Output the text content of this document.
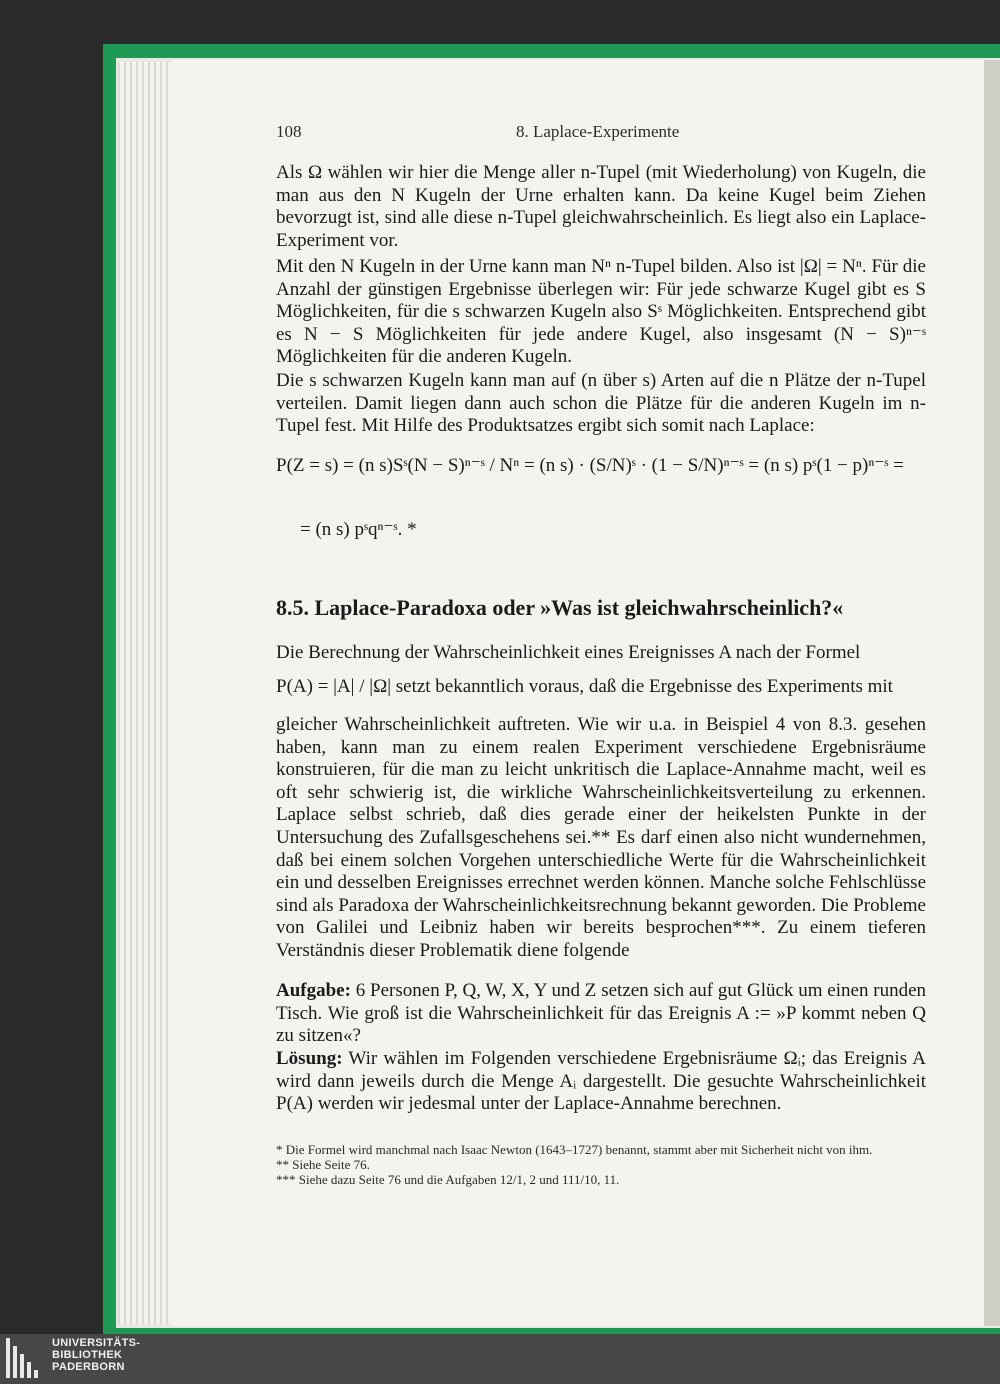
108	8. Laplace-Experimente
Als Ω wählen wir hier die Menge aller n-Tupel (mit Wiederholung) von Kugeln, die man aus den N Kugeln der Urne erhalten kann. Da keine Kugel beim Ziehen bevorzugt ist, sind alle diese n-Tupel gleichwahrscheinlich. Es liegt also ein Laplace-Experiment vor.
Mit den N Kugeln in der Urne kann man Nⁿ n-Tupel bilden. Also ist |Ω| = Nⁿ. Für die Anzahl der günstigen Ergebnisse überlegen wir: Für jede schwarze Kugel gibt es S Möglichkeiten, für die s schwarzen Kugeln also Sˢ Möglichkeiten. Entsprechend gibt es N − S Möglichkeiten für jede andere Kugel, also insgesamt (N − S)ⁿ⁻ˢ Möglichkeiten für die anderen Kugeln.
Die s schwarzen Kugeln kann man auf (n über s) Arten auf die n Plätze der n-Tupel verteilen. Damit liegen dann auch schon die Plätze für die anderen Kugeln im n-Tupel fest. Mit Hilfe des Produktsatzes ergibt sich somit nach Laplace:
P(Z = s) = (n s)Sˢ(N − S)ⁿ⁻ˢ / Nⁿ = (n s) · (S/N)ˢ · (1 − S/N)ⁿ⁻ˢ = (n s) pˢ(1 − p)ⁿ⁻ˢ =
= (n s) pˢqⁿ⁻ˢ. *
8.5. Laplace-Paradoxa oder »Was ist gleichwahrscheinlich?«
Die Berechnung der Wahrscheinlichkeit eines Ereignisses A nach der Formel
P(A) = |A| / |Ω| setzt bekanntlich voraus, daß die Ergebnisse des Experiments mit
gleicher Wahrscheinlichkeit auftreten. Wie wir u.a. in Beispiel 4 von 8.3. gesehen haben, kann man zu einem realen Experiment verschiedene Ergebnisräume konstruieren, für die man zu leicht unkritisch die Laplace-Annahme macht, weil es oft sehr schwierig ist, die wirkliche Wahrscheinlichkeitsverteilung zu erkennen. Laplace selbst schrieb, daß dies gerade einer der heikelsten Punkte in der Untersuchung des Zufallsgeschehens sei.** Es darf einen also nicht wundernehmen, daß bei einem solchen Vorgehen unterschiedliche Werte für die Wahrscheinlichkeit ein und desselben Ereignisses errechnet werden können. Manche solche Fehlschlüsse sind als Paradoxa der Wahrscheinlichkeitsrechnung bekannt geworden. Die Probleme von Galilei und Leibniz haben wir bereits besprochen***. Zu einem tieferen Verständnis dieser Problematik diene folgende
Aufgabe: 6 Personen P, Q, W, X, Y und Z setzen sich auf gut Glück um einen runden Tisch. Wie groß ist die Wahrscheinlichkeit für das Ereignis A := »P kommt neben Q zu sitzen«?
Lösung: Wir wählen im Folgenden verschiedene Ergebnisräume Ωᵢ; das Ereignis A wird dann jeweils durch die Menge Aᵢ dargestellt. Die gesuchte Wahrscheinlichkeit P(A) werden wir jedesmal unter der Laplace-Annahme berechnen.
* Die Formel wird manchmal nach Isaac Newton (1643–1727) benannt, stammt aber mit Sicherheit nicht von ihm.
** Siehe Seite 76.
*** Siehe dazu Seite 76 und die Aufgaben 12/1, 2 und 111/10, 11.
UNIVERSITÄTS-
BIBLIOTHEK
PADERBORN
